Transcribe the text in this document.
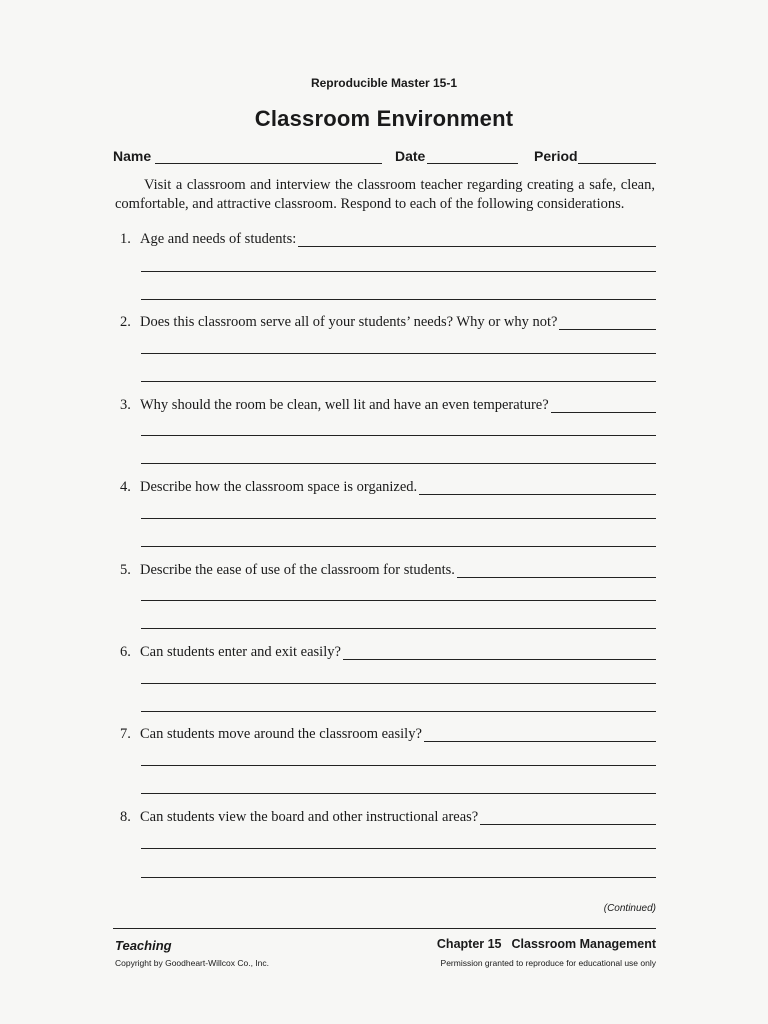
Reproducible Master 15-1
Classroom Environment
Name	Date	Period

Visit a classroom and interview the classroom teacher regarding creating a safe, clean, comfortable, and attractive classroom. Respond to each of the following considerations.

1. Age and needs of students:
2. Does this classroom serve all of your students’ needs? Why or why not?
3. Why should the room be clean, well lit and have an even temperature?
4. Describe how the classroom space is organized.
5. Describe the ease of use of the classroom for students.
6. Can students enter and exit easily?
7. Can students move around the classroom easily?
8. Can students view the board and other instructional areas?
(Continued)
Teaching
Copyright by Goodheart-Willcox Co., Inc.
Chapter 15 Classroom Management
Permission granted to reproduce for educational use only
